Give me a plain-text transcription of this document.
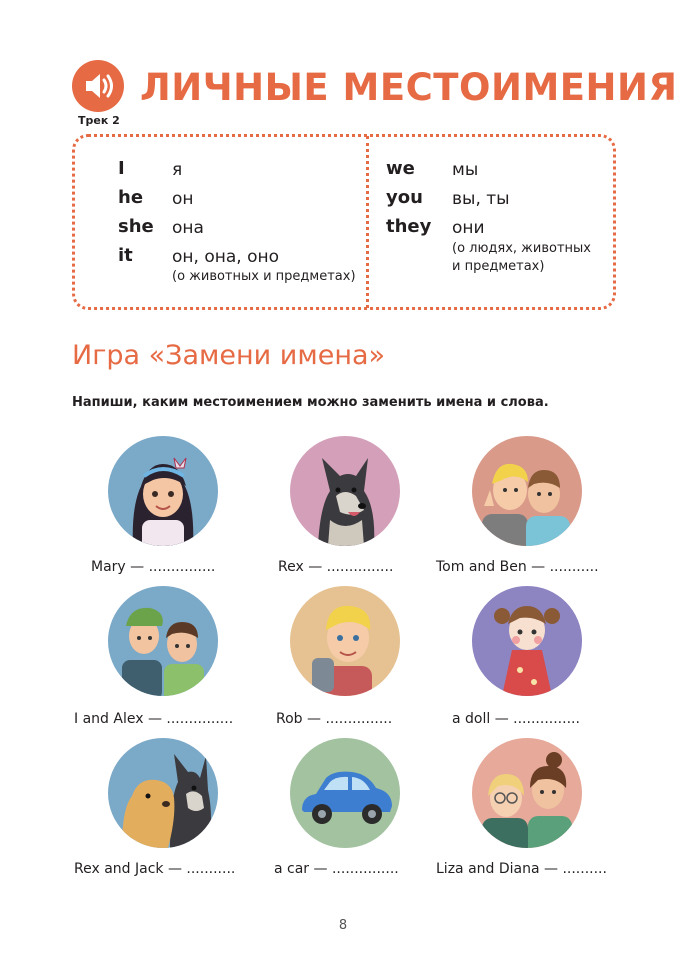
ЛИЧНЫЕ МЕСТОИМЕНИЯ
Трек 2
I	я
he он
she она
it он, она, оно
(о животных и предметах)
we мы
you вы, ты
they они
(о людях, животных
и предметах)
Игра «Замени имена»
Напиши, каким местоимением можно заменить имена и слова.
Mary — ...............	Rex — ...............	Tom and Ben — ...........
I and Alex — ...............	Rob — ...............	a doll — ...............
Rex and Jack — ...........	a car — ...............	Liza and Diana — ..........
8
